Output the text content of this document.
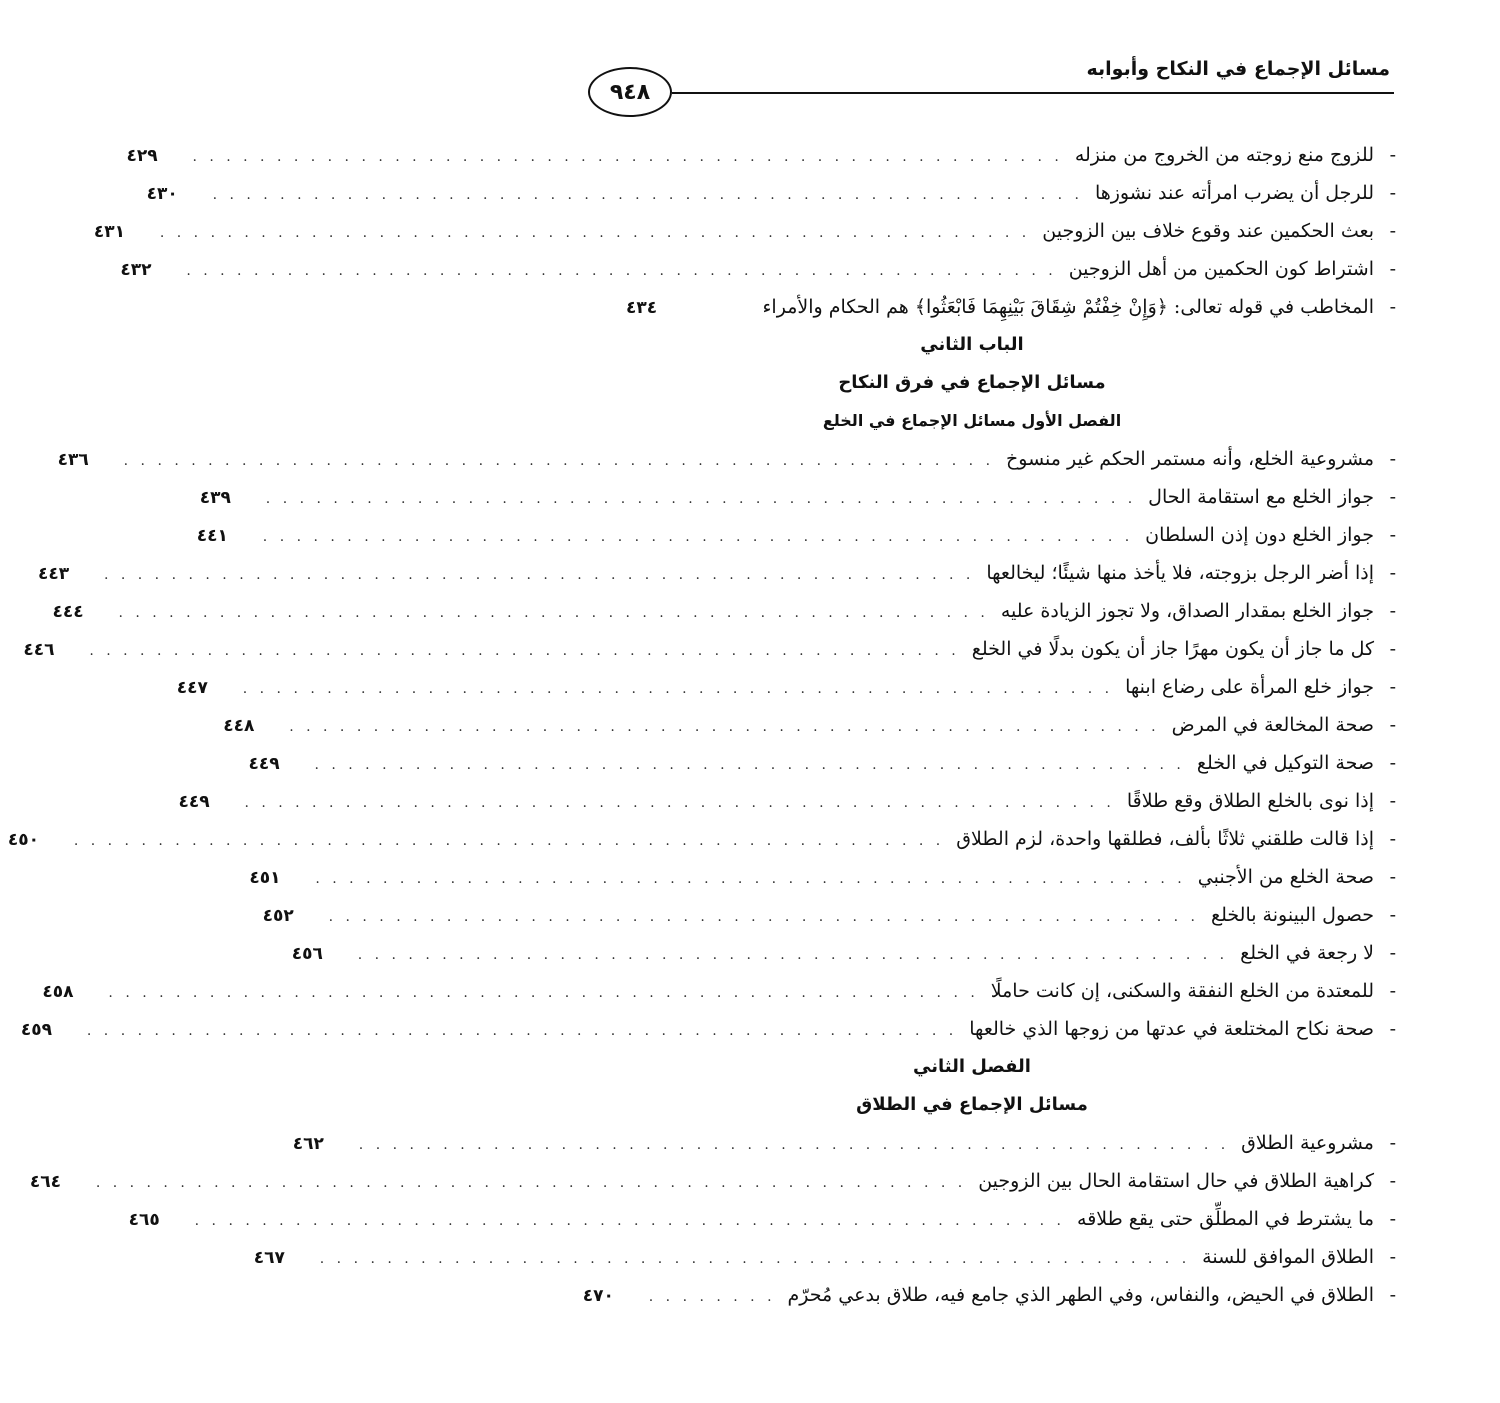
مسائل الإجماع في النكاح وأبوابه
٩٤٨
-
للزوج منع زوجته من الخروج من منزله
. . . . . . . . . . . . . . . . . . . . . . . . . . . . . . . . . . . . . . . . . . . . . . . . . . . .
٤٢٩
-
للرجل أن يضرب امرأته عند نشوزها
. . . . . . . . . . . . . . . . . . . . . . . . . . . . . . . . . . . . . . . . . . . . . . . . . . . .
٤٣٠
-
بعث الحكمين عند وقوع خلاف بين الزوجين
. . . . . . . . . . . . . . . . . . . . . . . . . . . . . . . . . . . . . . . . . . . . . . . . . . . .
٤٣١
-
اشتراط كون الحكمين من أهل الزوجين
. . . . . . . . . . . . . . . . . . . . . . . . . . . . . . . . . . . . . . . . . . . . . . . . . . . .
٤٣٢
-
المخاطب في قوله تعالى: ﴿وَإِنْ خِفْتُمْ شِقَاقَ بَيْنِهِمَا فَابْعَثُوا﴾ هم الحكام والأمراء
٤٣٤
الباب الثاني
مسائل الإجماع في فرق النكاح
الفصل الأول مسائل الإجماع في الخلع
-
مشروعية الخلع، وأنه مستمر الحكم غير منسوخ
. . . . . . . . . . . . . . . . . . . . . . . . . . . . . . . . . . . . . . . . . . . . . . . . . . . .
٤٣٦
-
جواز الخلع مع استقامة الحال
. . . . . . . . . . . . . . . . . . . . . . . . . . . . . . . . . . . . . . . . . . . . . . . . . . . .
٤٣٩
-
جواز الخلع دون إذن السلطان
. . . . . . . . . . . . . . . . . . . . . . . . . . . . . . . . . . . . . . . . . . . . . . . . . . . .
٤٤١
-
إذا أضر الرجل بزوجته، فلا يأخذ منها شيئًا؛ ليخالعها
. . . . . . . . . . . . . . . . . . . . . . . . . . . . . . . . . . . . . . . . . . . . . . . . . . . .
٤٤٣
-
جواز الخلع بمقدار الصداق، ولا تجوز الزيادة عليه
. . . . . . . . . . . . . . . . . . . . . . . . . . . . . . . . . . . . . . . . . . . . . . . . . . . .
٤٤٤
-
كل ما جاز أن يكون مهرًا جاز أن يكون بدلًا في الخلع
. . . . . . . . . . . . . . . . . . . . . . . . . . . . . . . . . . . . . . . . . . . . . . . . . . . .
٤٤٦
-
جواز خلع المرأة على رضاع ابنها
. . . . . . . . . . . . . . . . . . . . . . . . . . . . . . . . . . . . . . . . . . . . . . . . . . . .
٤٤٧
-
صحة المخالعة في المرض
. . . . . . . . . . . . . . . . . . . . . . . . . . . . . . . . . . . . . . . . . . . . . . . . . . . .
٤٤٨
-
صحة التوكيل في الخلع
. . . . . . . . . . . . . . . . . . . . . . . . . . . . . . . . . . . . . . . . . . . . . . . . . . . .
٤٤٩
-
إذا نوى بالخلع الطلاق وقع طلاقًا
. . . . . . . . . . . . . . . . . . . . . . . . . . . . . . . . . . . . . . . . . . . . . . . . . . . .
٤٤٩
-
إذا قالت طلقني ثلاثًا بألف، فطلقها واحدة، لزم الطلاق
. . . . . . . . . . . . . . . . . . . . . . . . . . . . . . . . . . . . . . . . . . . . . . . . . . . .
٤٥٠
-
صحة الخلع من الأجنبي
. . . . . . . . . . . . . . . . . . . . . . . . . . . . . . . . . . . . . . . . . . . . . . . . . . . .
٤٥١
-
حصول البينونة بالخلع
. . . . . . . . . . . . . . . . . . . . . . . . . . . . . . . . . . . . . . . . . . . . . . . . . . . .
٤٥٢
-
لا رجعة في الخلع
. . . . . . . . . . . . . . . . . . . . . . . . . . . . . . . . . . . . . . . . . . . . . . . . . . . .
٤٥٦
-
للمعتدة من الخلع النفقة والسكنى، إن كانت حاملًا
. . . . . . . . . . . . . . . . . . . . . . . . . . . . . . . . . . . . . . . . . . . . . . . . . . . .
٤٥٨
-
صحة نكاح المختلعة في عدتها من زوجها الذي خالعها
. . . . . . . . . . . . . . . . . . . . . . . . . . . . . . . . . . . . . . . . . . . . . . . . . . . .
٤٥٩
الفصل الثاني
مسائل الإجماع في الطلاق
-
مشروعية الطلاق
. . . . . . . . . . . . . . . . . . . . . . . . . . . . . . . . . . . . . . . . . . . . . . . . . . . .
٤٦٢
-
كراهية الطلاق في حال استقامة الحال بين الزوجين
. . . . . . . . . . . . . . . . . . . . . . . . . . . . . . . . . . . . . . . . . . . . . . . . . . . .
٤٦٤
-
ما يشترط في المطلِّق حتى يقع طلاقه
. . . . . . . . . . . . . . . . . . . . . . . . . . . . . . . . . . . . . . . . . . . . . . . . . . . .
٤٦٥
-
الطلاق الموافق للسنة
. . . . . . . . . . . . . . . . . . . . . . . . . . . . . . . . . . . . . . . . . . . . . . . . . . . .
٤٦٧
-
الطلاق في الحيض، والنفاس، وفي الطهر الذي جامع فيه، طلاق بدعي مُحرّم
. . . . . . . .
٤٧٠
